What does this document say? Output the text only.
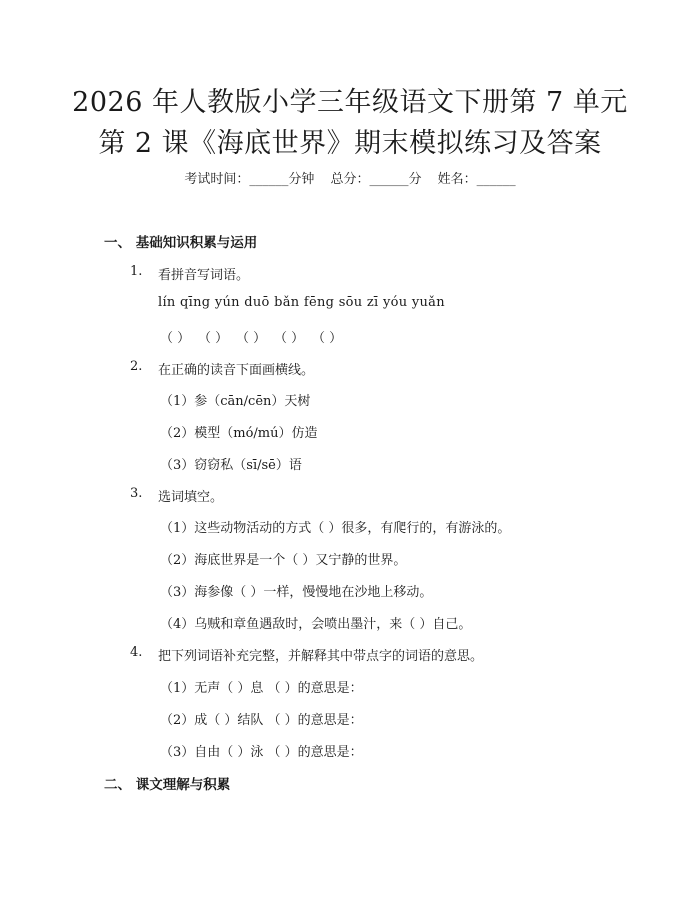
2026 年人教版小学三年级语文下册第 7 单元
第 2 课《海底世界》期末模拟练习及答案
考试时间：______分钟 总分：______分 姓名：______
一、 基础知识积累与运用
1. 看拼音写词语。
lín qīng yún duō bǎn fēng sōu zī yóu yuǎn
（ ） （ ） （ ） （ ） （ ）
2. 在正确的读音下面画横线。
（1）参（cān/cēn）天树
（2）模型（mó/mú）仿造
（3）窃窃私（sī/sē）语
3. 选词填空。
（1）这些动物活动的方式（ ）很多，有爬行的，有游泳的。
（2）海底世界是一个（ ）又宁静的世界。
（3）海参像（ ）一样，慢慢地在沙地上移动。
（4）乌贼和章鱼遇敌时，会喷出墨汁，来（ ）自己。
4. 把下列词语补充完整，并解释其中带点字的词语的意思。
（1）无声（ ）息 （ ）的意思是：
（2）成（ ）结队 （ ）的意思是：
（3）自由（ ）泳 （ ）的意思是：
二、 课文理解与积累
